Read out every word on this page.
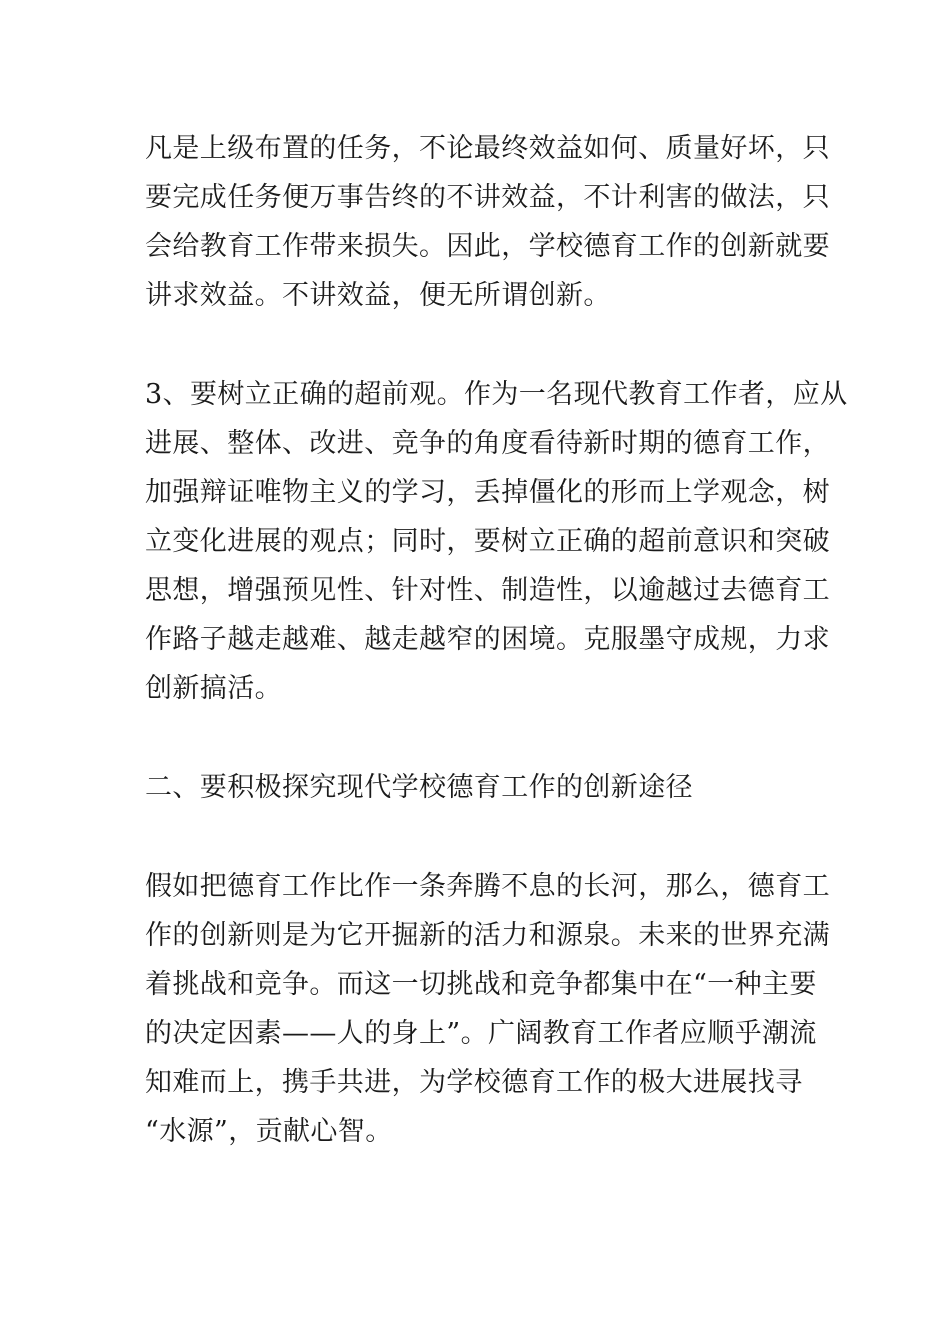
凡是上级布置的任务，不论最终效益如何、质量好坏，只
要完成任务便万事告终的不讲效益，不计利害的做法，只
会给教育工作带来损失。因此，学校德育工作的创新就要
讲求效益。不讲效益，便无所谓创新。
3、要树立正确的超前观。作为一名现代教育工作者，应从
进展、整体、改进、竞争的角度看待新时期的德育工作，
加强辩证唯物主义的学习，丢掉僵化的形而上学观念，树
立变化进展的观点；同时，要树立正确的超前意识和突破
思想，增强预见性、针对性、制造性，以逾越过去德育工
作路子越走越难、越走越窄的困境。克服墨守成规，力求
创新搞活。
二、要积极探究现代学校德育工作的创新途径
假如把德育工作比作一条奔腾不息的长河，那么，德育工
作的创新则是为它开掘新的活力和源泉。未来的世界充满
着挑战和竞争。而这一切挑战和竞争都集中在“一种主要
的决定因素——人的身上”。广阔教育工作者应顺乎潮流
知难而上，携手共进，为学校德育工作的极大进展找寻
“水源”，贡献心智。
